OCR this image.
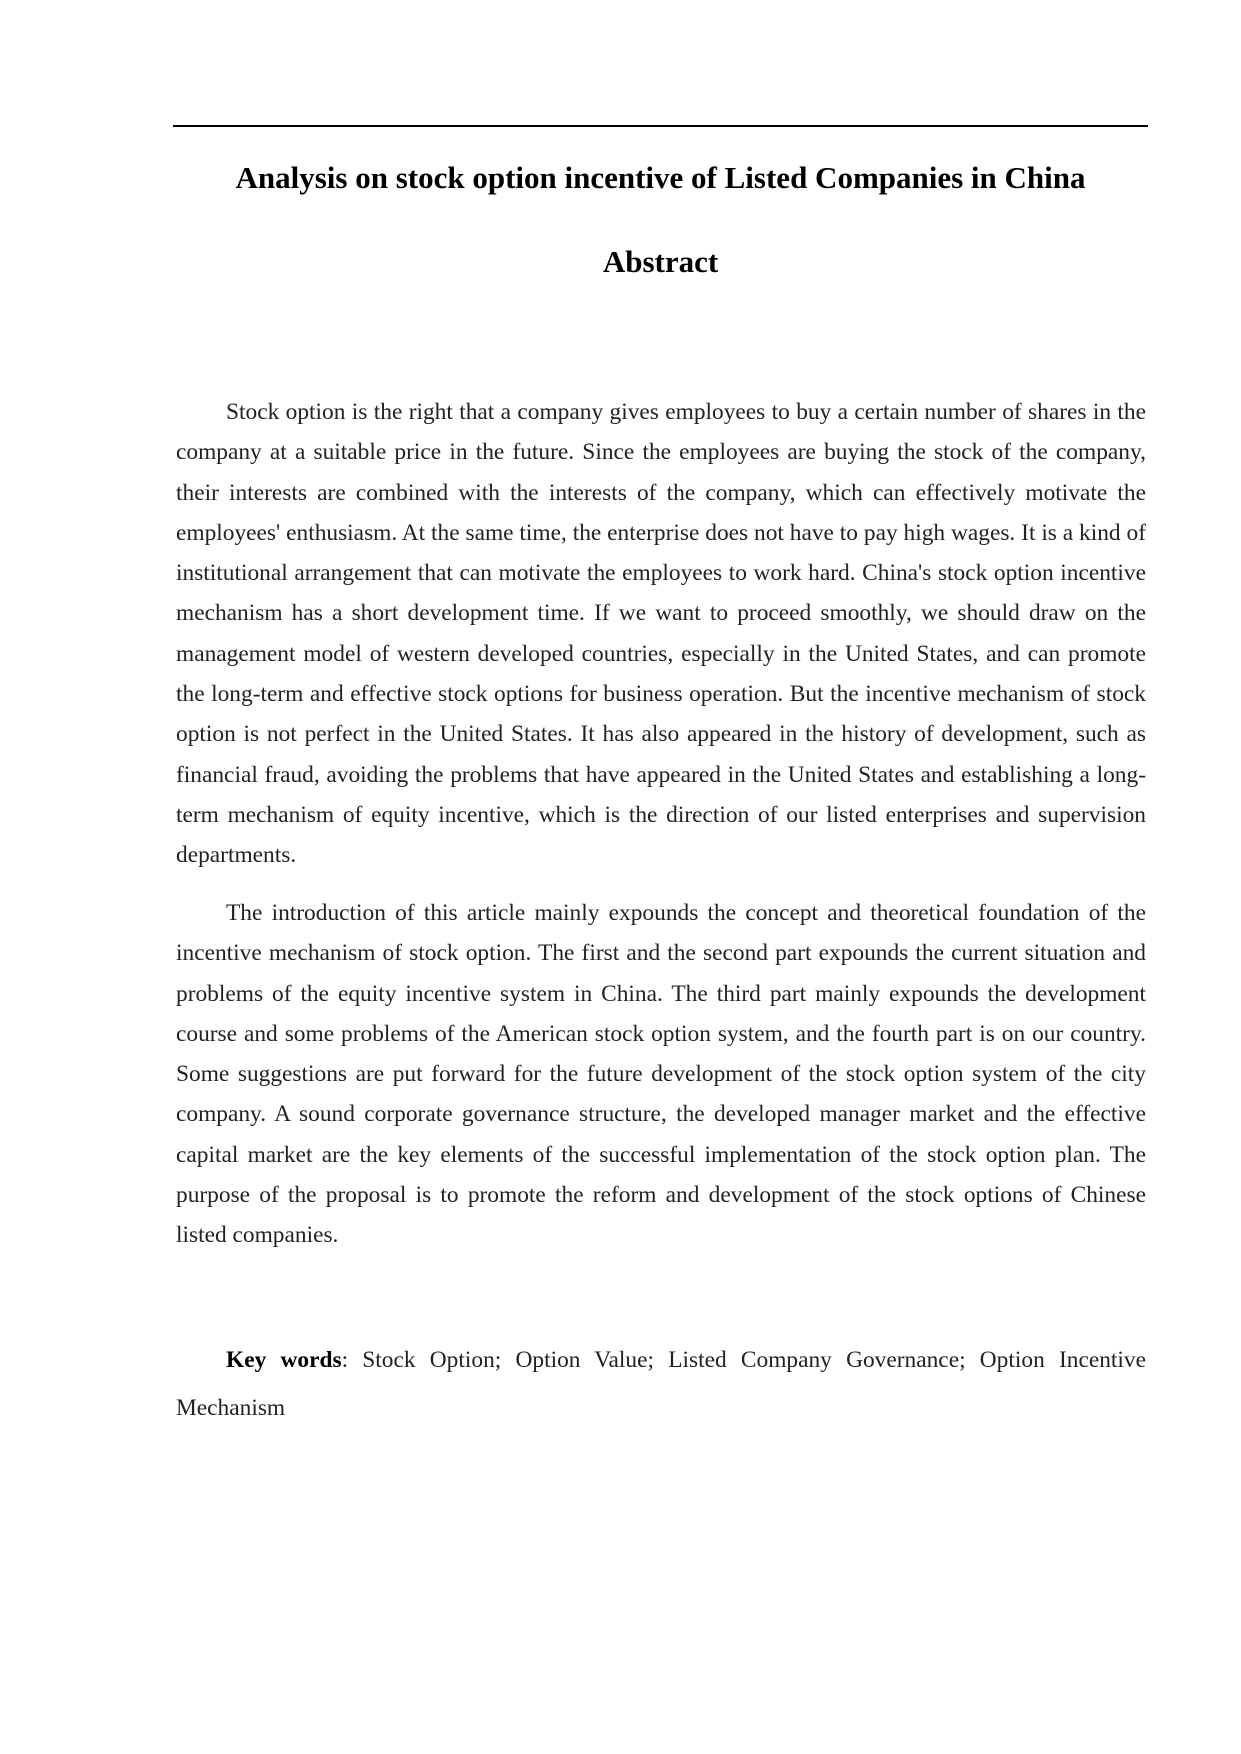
Analysis on stock option incentive of Listed Companies in China
Abstract

Stock option is the right that a company gives employees to buy a certain number of shares in the company at a suitable price in the future. Since the employees are buying the stock of the company, their interests are combined with the interests of the company, which can effectively motivate the employees' enthusiasm. At the same time, the enterprise does not have to pay high wages. It is a kind of institutional arrangement that can motivate the employees to work hard. China's stock option incentive mechanism has a short development time. If we want to proceed smoothly, we should draw on the management model of western developed countries, especially in the United States, and can promote the long-term and effective stock options for business operation. But the incentive mechanism of stock option is not perfect in the United States. It has also appeared in the history of development, such as financial fraud, avoiding the problems that have appeared in the United States and establishing a long-term mechanism of equity incentive, which is the direction of our listed enterprises and supervision departments.

The introduction of this article mainly expounds the concept and theoretical foundation of the incentive mechanism of stock option. The first and the second part expounds the current situation and problems of the equity incentive system in China. The third part mainly expounds the development course and some problems of the American stock option system, and the fourth part is on our country. Some suggestions are put forward for the future development of the stock option system of the city company. A sound corporate governance structure, the developed manager market and the effective capital market are the key elements of the successful implementation of the stock option plan. The purpose of the proposal is to promote the reform and development of the stock options of Chinese listed companies.

Key words: Stock Option; Option Value; Listed Company Governance; Option Incentive Mechanism
